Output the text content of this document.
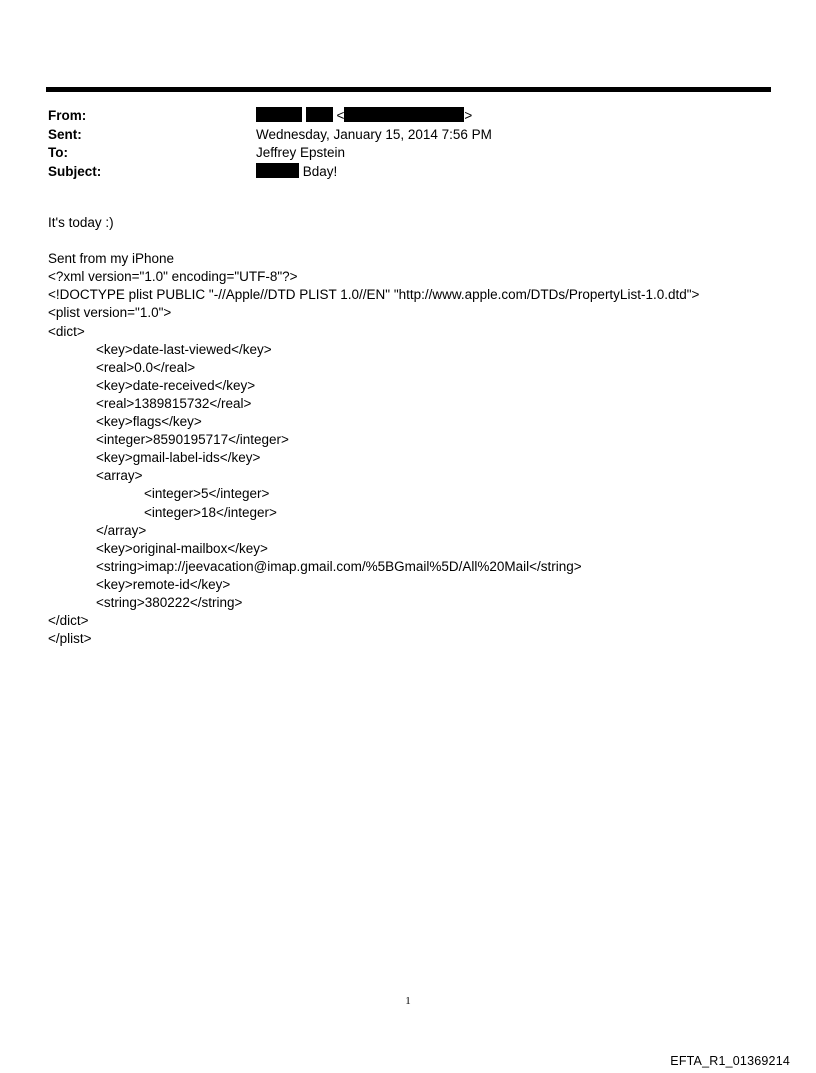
From:	<	>
Sent:	Wednesday, January 15, 2014 7:56 PM
To:	Jeffrey Epstein
Subject:	Bday!
It's today :)
Sent from my iPhone
<?xml version="1.0" encoding="UTF-8"?>
<!DOCTYPE plist PUBLIC "-//Apple//DTD PLIST 1.0//EN" "http://www.apple.com/DTDs/PropertyList-1.0.dtd">
<plist version="1.0">
<dict>
<key>date-last-viewed</key>
<real>0.0</real>
<key>date-received</key>
<real>1389815732</real>
<key>flags</key>
<integer>8590195717</integer>
<key>gmail-label-ids</key>
<array>
<integer>5</integer>
<integer>18</integer>
</array>
<key>original-mailbox</key>
<string>imap://jeevacation@imap.gmail.com/%5BGmail%5D/All%20Mail</string>
<key>remote-id</key>
<string>380222</string>
</dict>
</plist>
1
EFTA_R1_01369214
